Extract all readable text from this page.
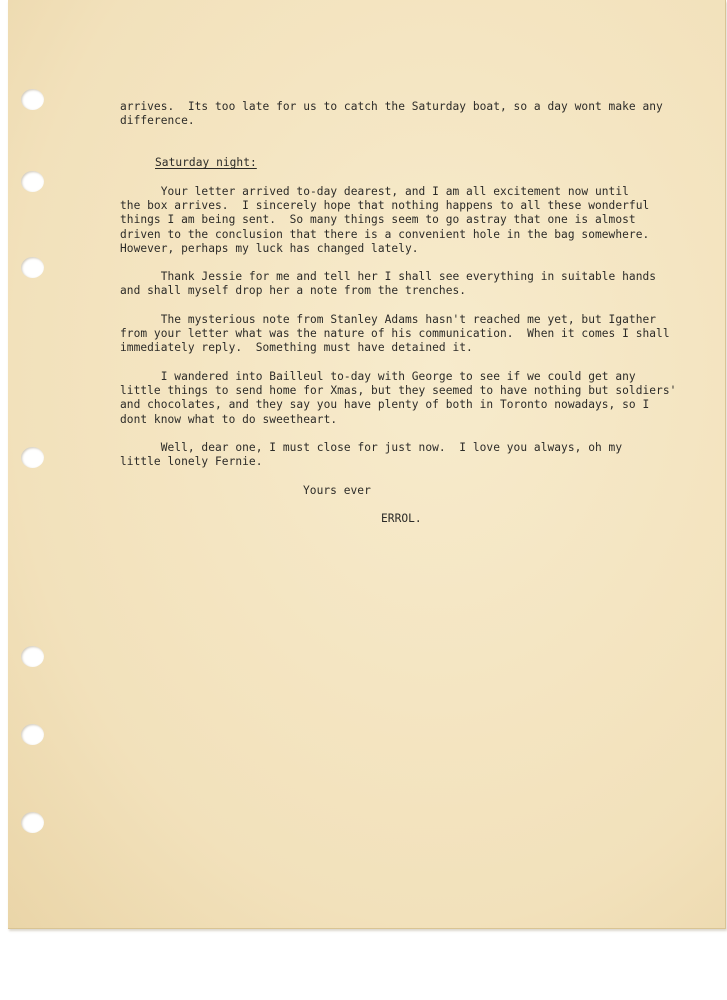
arrives.  Its too late for us to catch the Saturday boat, so a day wont make any
difference.
Saturday night:
Your letter arrived to-day dearest, and I am all excitement now until
the box arrives.  I sincerely hope that nothing happens to all these wonderful
things I am being sent.  So many things seem to go astray that one is almost
driven to the conclusion that there is a convenient hole in the bag somewhere.
However, perhaps my luck has changed lately.
Thank Jessie for me and tell her I shall see everything in suitable hands
and shall myself drop her a note from the trenches.
The mysterious note from Stanley Adams hasn't reached me yet, but Igather
from your letter what was the nature of his communication.  When it comes I shall
immediately reply.  Something must have detained it.
I wandered into Bailleul to-day with George to see if we could get any
little things to send home for Xmas, but they seemed to have nothing but soldiers'
and chocolates, and they say you have plenty of both in Toronto nowadays, so I
dont know what to do sweetheart.
Well, dear one, I must close for just now.  I love you always, oh my
little lonely Fernie.
Yours ever
ERROL.
